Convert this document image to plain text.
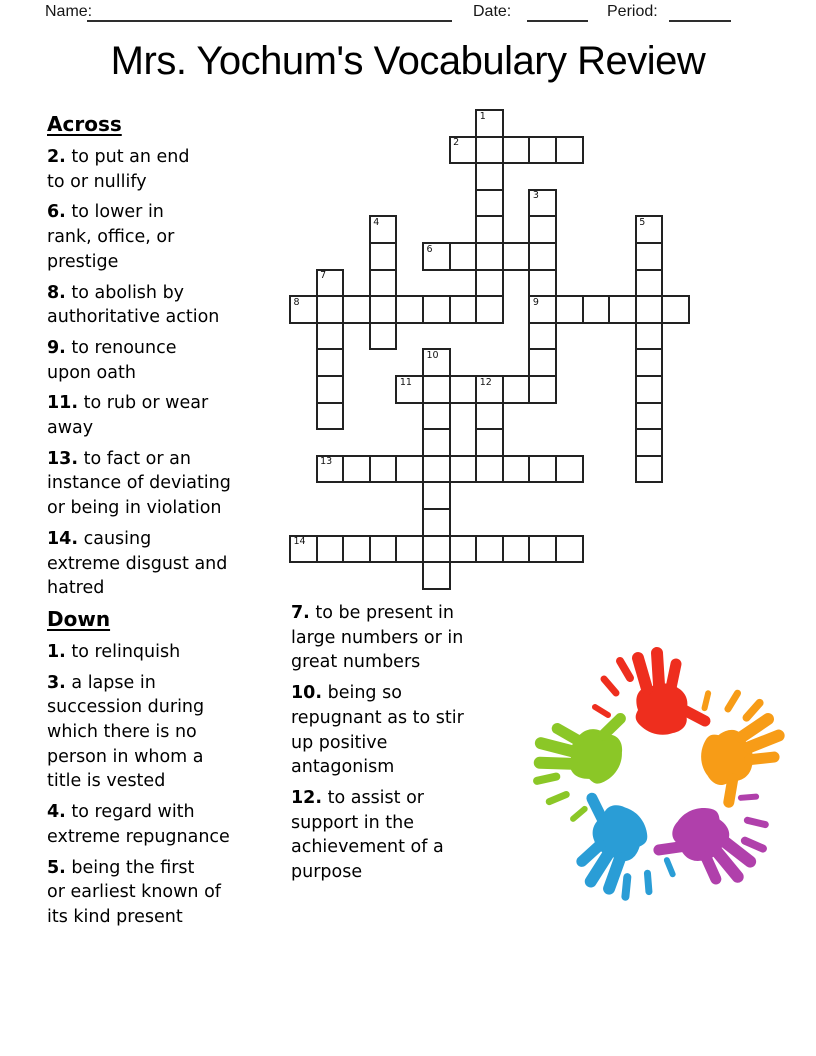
Name:	Date:	Period:
Mrs. Yochum's Vocabulary Review
1
2
3
9
4	5
6
7
8
10
11	12
13
14
Across
2. to put an end
to or nullify
6. to lower in
rank, office, or
prestige
8. to abolish by
authoritative action
9. to renounce
upon oath
11. to rub or wear
away
13. to fact or an
instance of deviating
or being in violation
14. causing
extreme disgust and
hatred
Down
1. to relinquish
3. a lapse in
succession during
which there is no
person in whom a
title is vested
4. to regard with
extreme repugnance
5. being the first
or earliest known of
its kind present
7. to be present in
large numbers or in
great numbers
10. being so
repugnant as to stir
up positive
antagonism
12. to assist or
support in the
achievement of a
purpose
